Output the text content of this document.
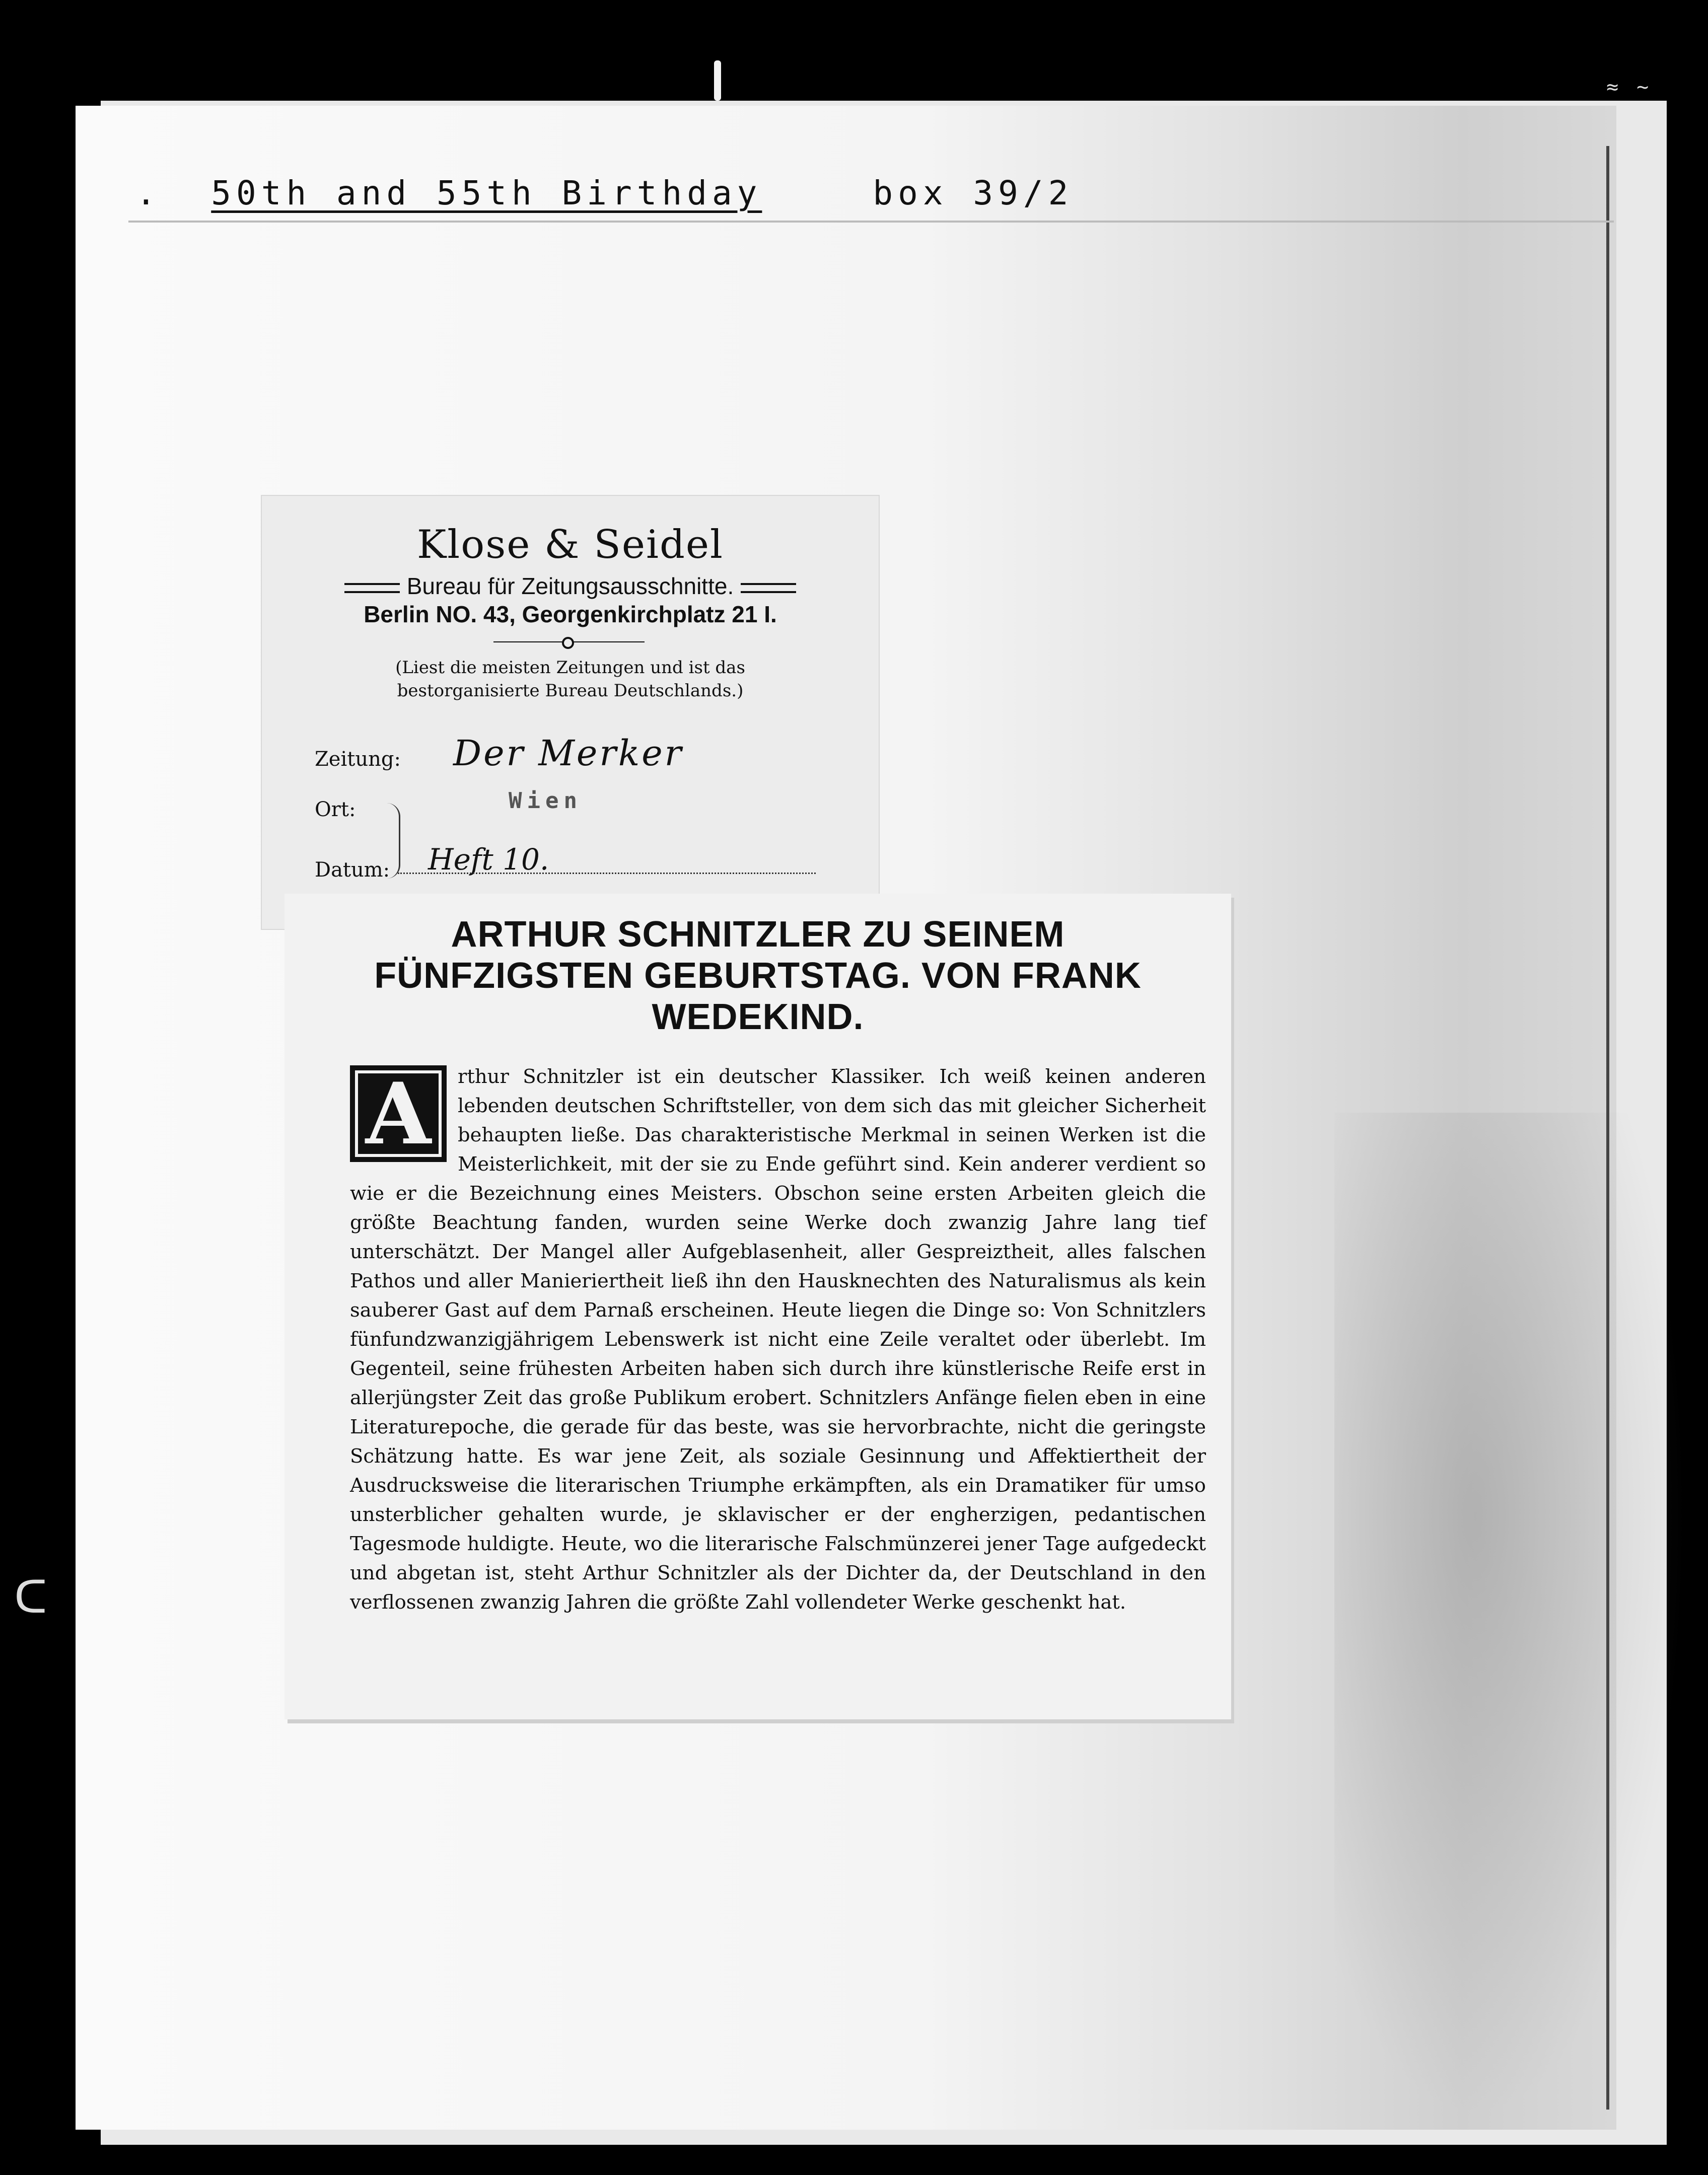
≈ ~
ᑕ
. 50th and 55th Birthday	box 39/2
Klose & Seidel
Bureau für Zeitungsausschnitte.
Berlin NO. 43, Georgenkirchplatz 21 I.
(Liest die meisten Zeitungen und ist das
bestorganisierte Bureau Deutschlands.)
Zeitung: Der Merker
Ort:	Wien
Datum: Heft 10.
ARTHUR SCHNITZLER ZU SEINEM
FÜNFZIGSTEN GEBURTSTAG. VON FRANK
WEDEKIND.
A	rthur Schnitzler ist ein deutscher Klassiker. Ich weiß keinen anderen lebenden deutschen Schriftsteller, von dem sich das mit gleicher Sicherheit behaupten ließe. Das charakteristische Merkmal in seinen Werken ist die Meisterlichkeit, mit der sie zu Ende geführt sind. Kein anderer verdient so wie er die Bezeichnung eines Meisters. Obschon seine ersten Arbeiten gleich die größte Beachtung fanden, wurden seine Werke doch zwanzig Jahre lang tief unterschätzt. Der Mangel aller Aufgeblasenheit, aller Gespreiztheit, alles falschen Pathos und aller Manieriertheit ließ ihn den Hausknechten des Naturalismus als kein sauberer Gast auf dem Parnaß erscheinen. Heute liegen die Dinge so: Von Schnitzlers fünfundzwanzigjährigem Lebenswerk ist nicht eine Zeile veraltet oder überlebt. Im Gegenteil, seine frühesten Arbeiten haben sich durch ihre künstlerische Reife erst in allerjüngster Zeit das große Publikum erobert. Schnitzlers Anfänge fielen eben in eine Literaturepoche, die gerade für das beste, was sie hervorbrachte, nicht die geringste Schätzung hatte. Es war jene Zeit, als soziale Gesinnung und Affektiertheit der Ausdrucksweise die literarischen Triumphe erkämpften, als ein Dramatiker für umso unsterblicher gehalten wurde, je sklavischer er der engherzigen, pedantischen Tagesmode huldigte. Heute, wo die literarische Falschmünzerei jener Tage aufgedeckt und abgetan ist, steht Arthur Schnitzler als der Dichter da, der Deutschland in den verflossenen zwanzig Jahren die größte Zahl vollendeter Werke geschenkt hat.
